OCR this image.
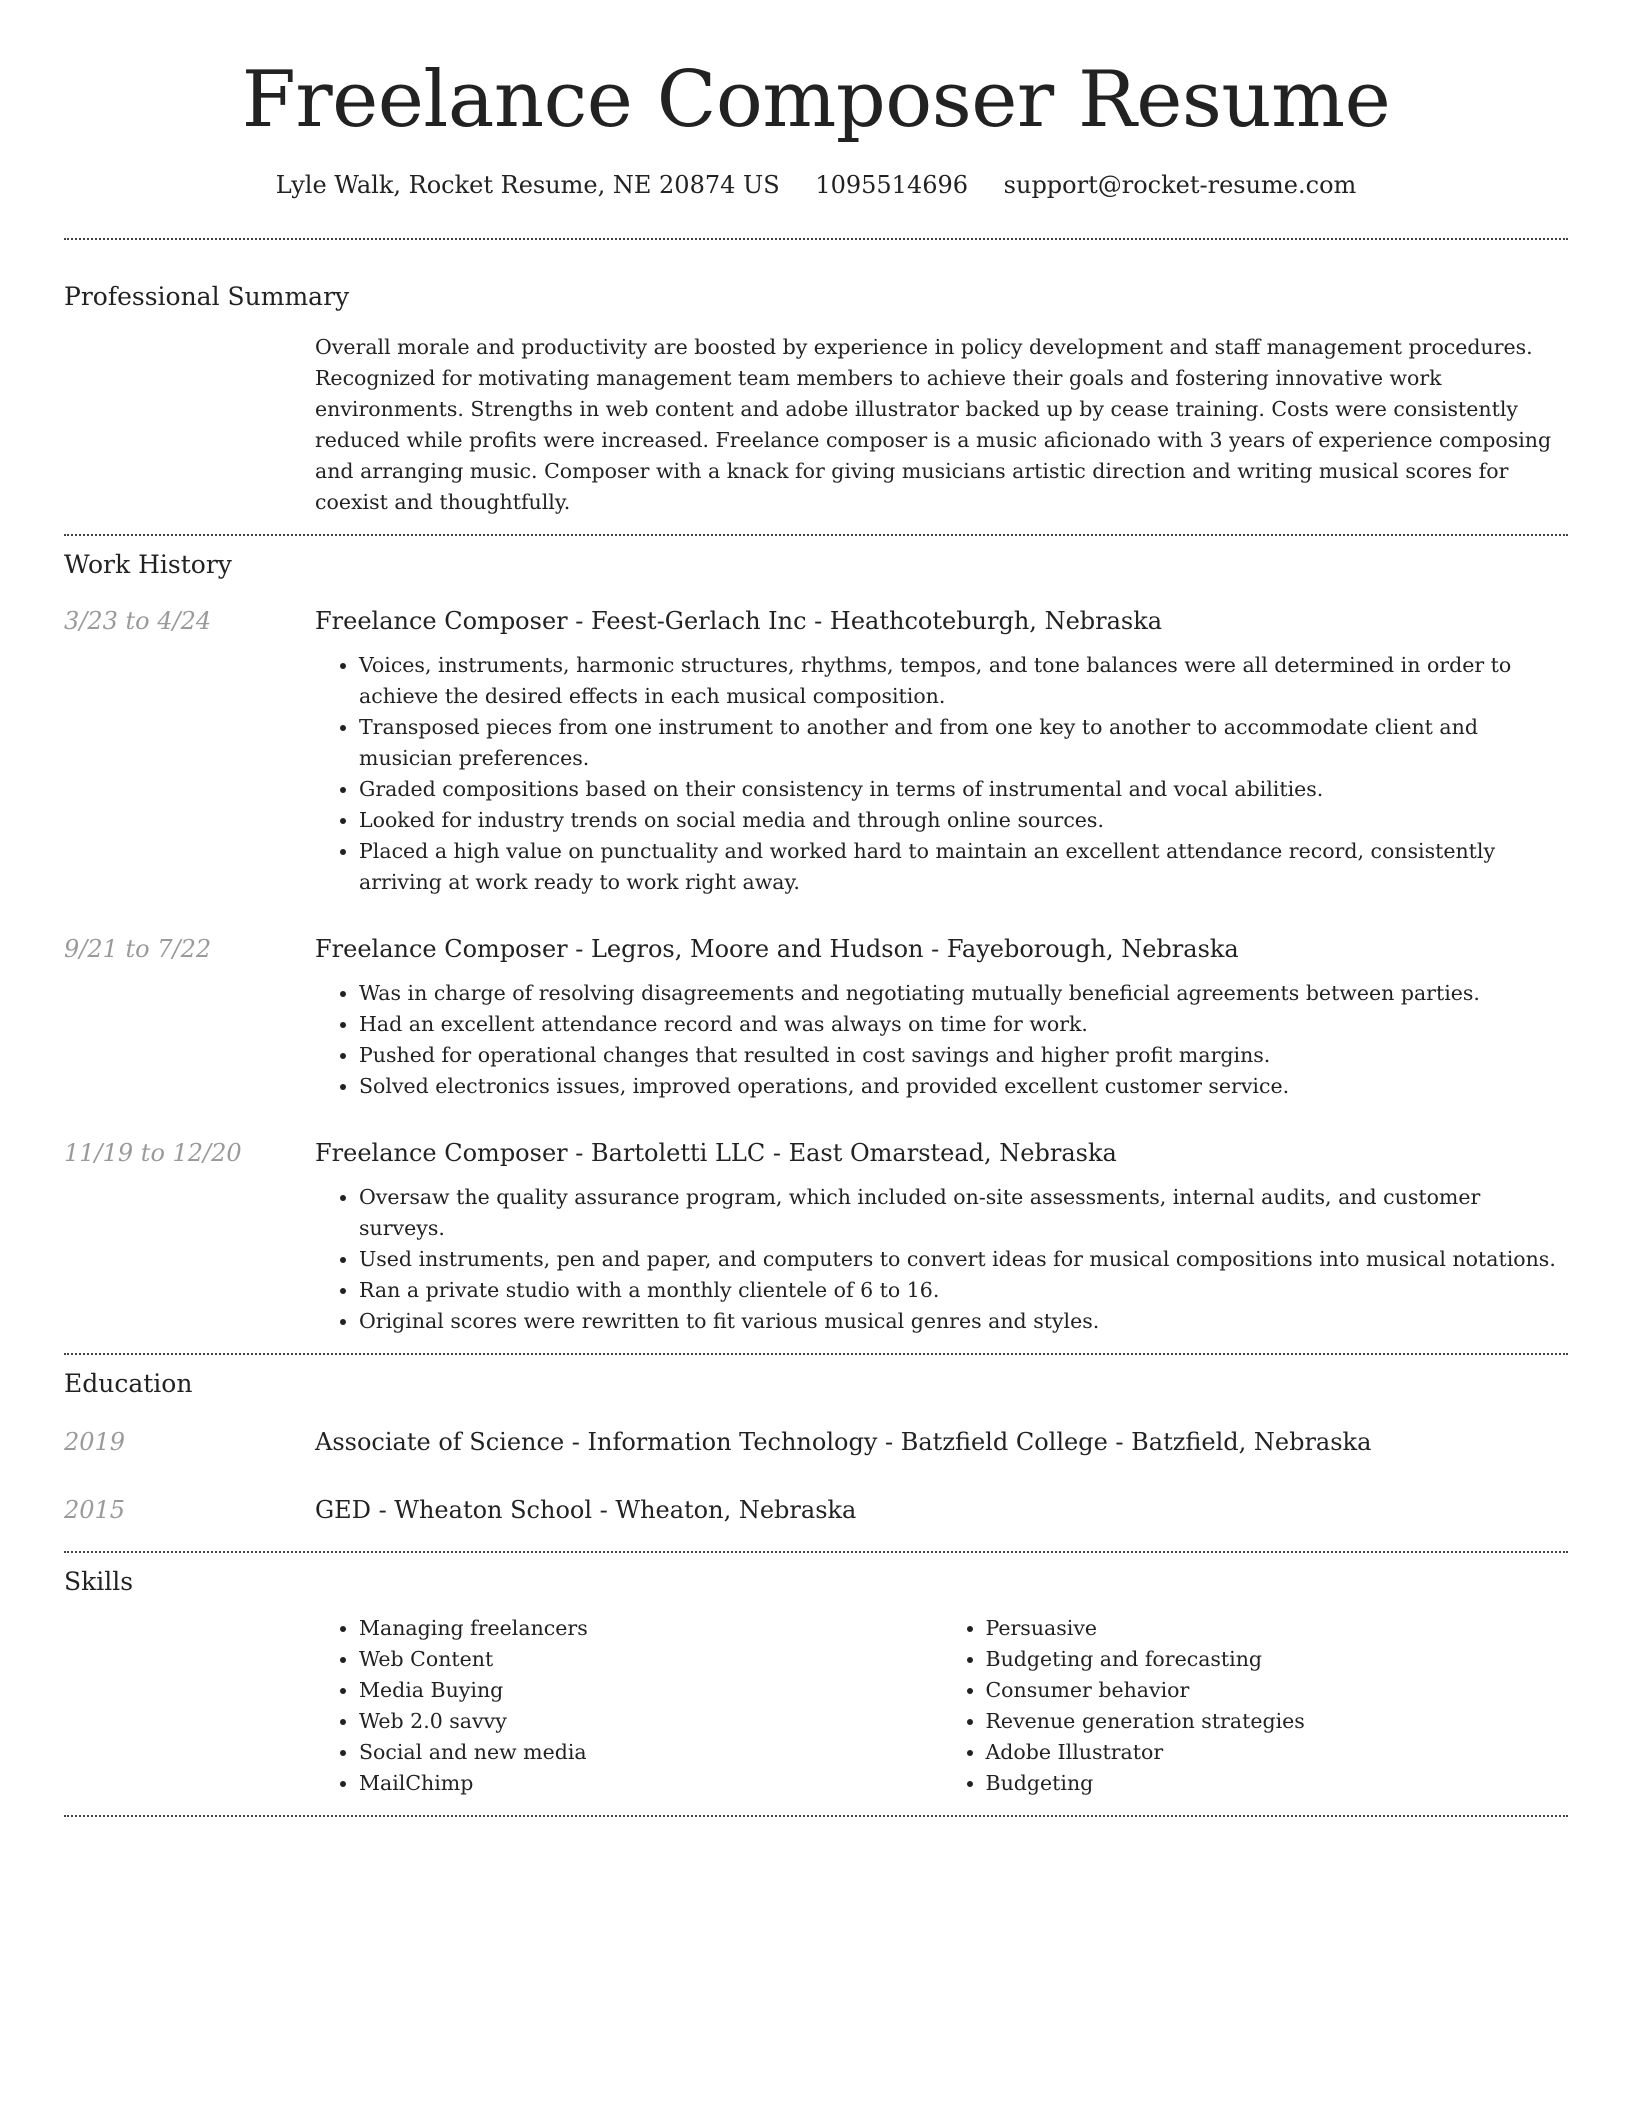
Freelance Composer Resume
Lyle Walk, Rocket Resume, NE 20874 US 1095514696 support@rocket-resume.com
Professional Summary

Overall morale and productivity are boosted by experience in policy development and staff management procedures. Recognized for motivating management team members to achieve their goals and fostering innovative work environments. Strengths in web content and adobe illustrator backed up by cease training. Costs were consistently reduced while profits were increased. Freelance composer is a music aficionado with 3 years of experience composing and arranging music. Composer with a knack for giving musicians artistic direction and writing musical scores for coexist and thoughtfully.

Work History
3/23 to 4/24	Freelance Composer - Feest-Gerlach Inc - Heathcoteburgh, Nebraska
• Voices, instruments, harmonic structures, rhythms, tempos, and tone balances were all determined in order to achieve the desired effects in each musical composition.
• Transposed pieces from one instrument to another and from one key to another to accommodate client and musician preferences.
• Graded compositions based on their consistency in terms of instrumental and vocal abilities.
• Looked for industry trends on social media and through online sources.
• Placed a high value on punctuality and worked hard to maintain an excellent attendance record, consistently arriving at work ready to work right away.
9/21 to 7/22	Freelance Composer - Legros, Moore and Hudson - Fayeborough, Nebraska
• Was in charge of resolving disagreements and negotiating mutually beneficial agreements between parties.
• Had an excellent attendance record and was always on time for work.
• Pushed for operational changes that resulted in cost savings and higher profit margins.
• Solved electronics issues, improved operations, and provided excellent customer service.
11/19 to 12/20	Freelance Composer - Bartoletti LLC - East Omarstead, Nebraska
• Oversaw the quality assurance program, which included on-site assessments, internal audits, and customer surveys.
• Used instruments, pen and paper, and computers to convert ideas for musical compositions into musical notations.
• Ran a private studio with a monthly clientele of 6 to 16.
• Original scores were rewritten to fit various musical genres and styles.
Education
2019	Associate of Science - Information Technology - Batzfield College - Batzfield, Nebraska
2015	GED - Wheaton School - Wheaton, Nebraska
Skills
• Managing freelancers
• Web Content
• Media Buying
• Web 2.0 savvy
• Social and new media
• MailChimp
• Persuasive
• Budgeting and forecasting
• Consumer behavior
• Revenue generation strategies
• Adobe Illustrator
• Budgeting
